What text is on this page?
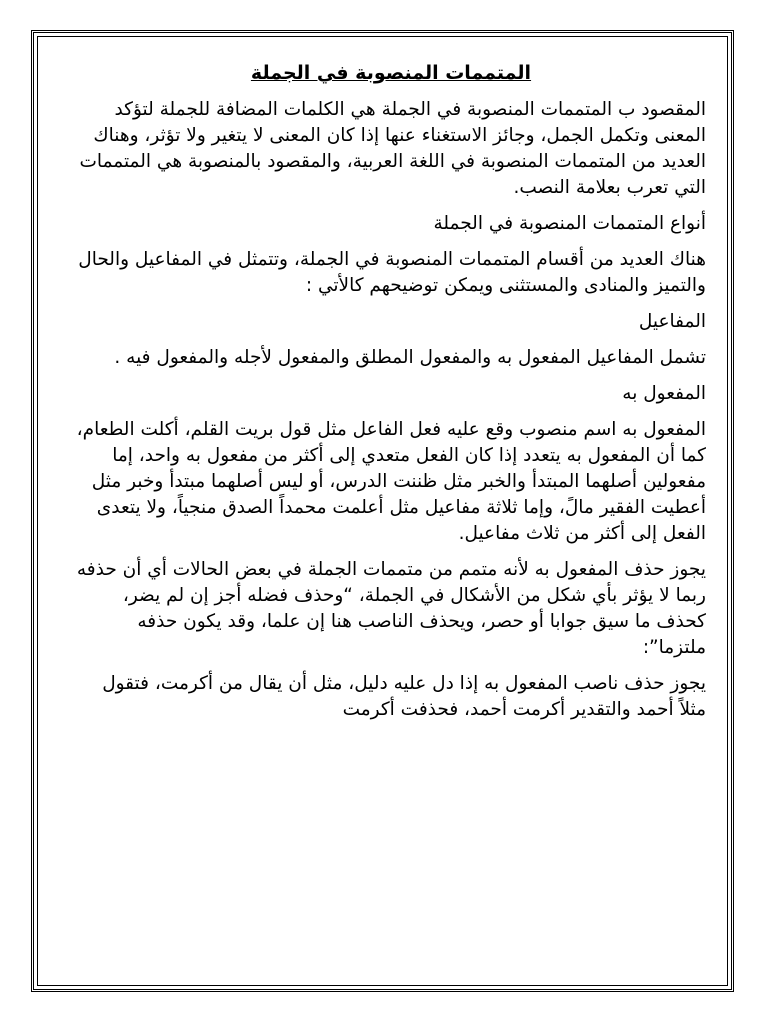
المتممات المنصوبة في الجملة

المقصود ب المتممات المنصوبة في الجملة هي الكلمات المضافة للجملة لتؤكد المعنى وتكمل الجمل، وجائز الاستغناء عنها إذا كان المعنى لا يتغير ولا تؤثر، وهناك العديد من المتممات المنصوبة في اللغة العربية، والمقصود بالمنصوبة هي المتممات التي تعرب بعلامة النصب.

أنواع المتممات المنصوبة في الجملة

هناك العديد من أقسام المتممات المنصوبة في الجملة، وتتمثل في المفاعيل والحال والتميز والمنادى والمستثنى ويمكن توضيحهم كالأتي :

المفاعيل

تشمل المفاعيل المفعول به والمفعول المطلق والمفعول لأجله والمفعول فيه .

المفعول به

المفعول به اسم منصوب وقع عليه فعل الفاعل مثل قول بريت القلم، أكلت الطعام، كما أن المفعول به يتعدد إذا كان الفعل متعدي إلى أكثر من مفعول به واحد، إما مفعولين أصلهما المبتدأ والخبر مثل ظننت الدرس، أو ليس أصلهما مبتدأ وخبر مثل أعطيت الفقير مالً، وإما ثلاثة مفاعيل مثل أعلمت محمداً الصدق منجياً، ولا يتعدى الفعل إلى أكثر من ثلاث مفاعيل.

يجوز حذف المفعول به لأنه متمم من متممات الجملة في بعض الحالات أي أن حذفه ربما لا يؤثر بأي شكل من الأشكال في الجملة، “وحذف فضله أجز إن لم يضر، كحذف ما سيق جوابا أو حصر، ويحذف الناصب هنا إن علما، وقد يكون حذفه ملتزما”:

يجوز حذف ناصب المفعول به إذا دل عليه دليل، مثل أن يقال من أكرمت، فتقول مثلاً أحمد والتقدير أكرمت أحمد، فحذفت أكرمت
